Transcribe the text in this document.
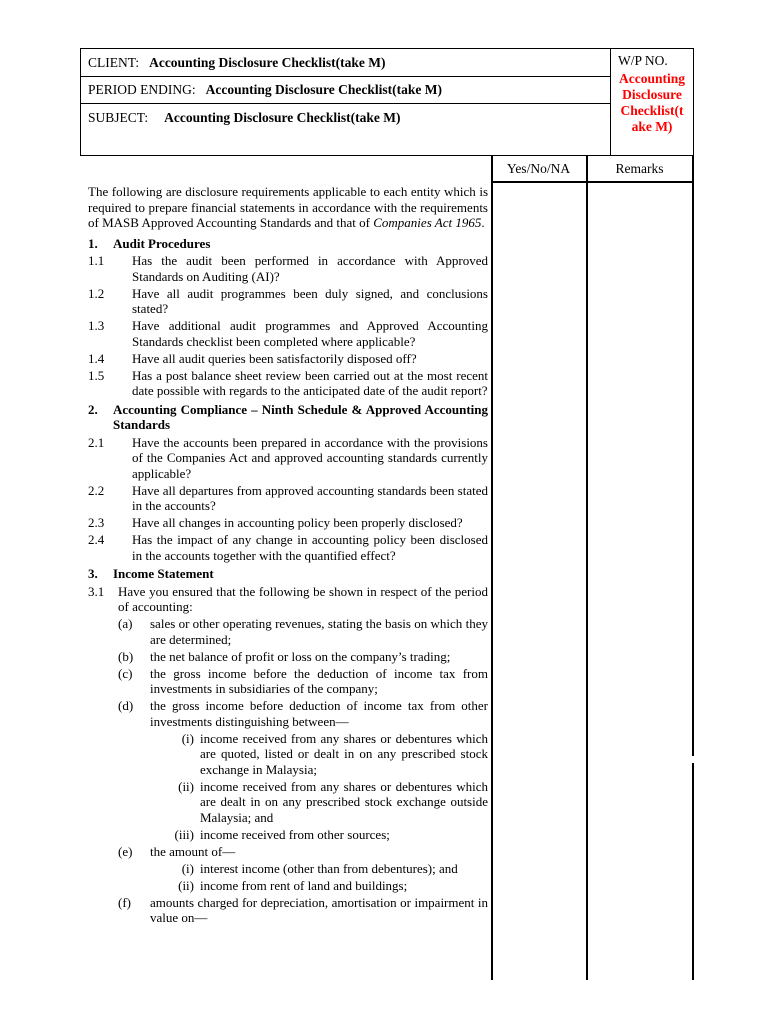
CLIENT: Accounting Disclosure Checklist(take M)
PERIOD ENDING: Accounting Disclosure Checklist(take M)
SUBJECT: Accounting Disclosure Checklist(take M)
W/P NO.
Accounting Disclosure Checklist(take M)
Yes/No/NA	Remarks

The following are disclosure requirements applicable to each entity which is required to prepare financial statements in accordance with the requirements of MASB Approved Accounting Standards and that of Companies Act 1965.

1.	Audit Procedures
1.1	Has the audit been performed in accordance with Approved Standards on Auditing (AI)?
1.2	Have all audit programmes been duly signed, and conclusions stated?
1.3	Have additional audit programmes and Approved Accounting Standards checklist been completed where applicable?
1.4	Have all audit queries been satisfactorily disposed off?
1.5	Has a post balance sheet review been carried out at the most recent date possible with regards to the anticipated date of the audit report?
2.	Accounting Compliance – Ninth Schedule & Approved Accounting Standards
2.1	Have the accounts been prepared in accordance with the provisions of the Companies Act and approved accounting standards currently applicable?
2.2	Have all departures from approved accounting standards been stated in the accounts?
2.3	Have all changes in accounting policy been properly disclosed?
2.4	Has the impact of any change in accounting policy been disclosed in the accounts together with the quantified effect?
3.	Income Statement
3.1	Have you ensured that the following be shown in respect of the period of accounting:
(a)	sales or other operating revenues, stating the basis on which they are determined;
(b)	the net balance of profit or loss on the company’s trading;
(c)	the gross income before the deduction of income tax from investments in subsidiaries of the company;
(d)	the gross income before deduction of income tax from other investments distinguishing between—
(i) income received from any shares or debentures which are quoted, listed or dealt in on any prescribed stock exchange in Malaysia;
(ii) income received from any shares or debentures which are dealt in on any prescribed stock exchange outside Malaysia; and
(iii) income received from other sources;
(e)	the amount of—
(i) interest income (other than from debentures); and
(ii) income from rent of land and buildings;
(f)	amounts charged for depreciation, amortisation or impairment in value on—
